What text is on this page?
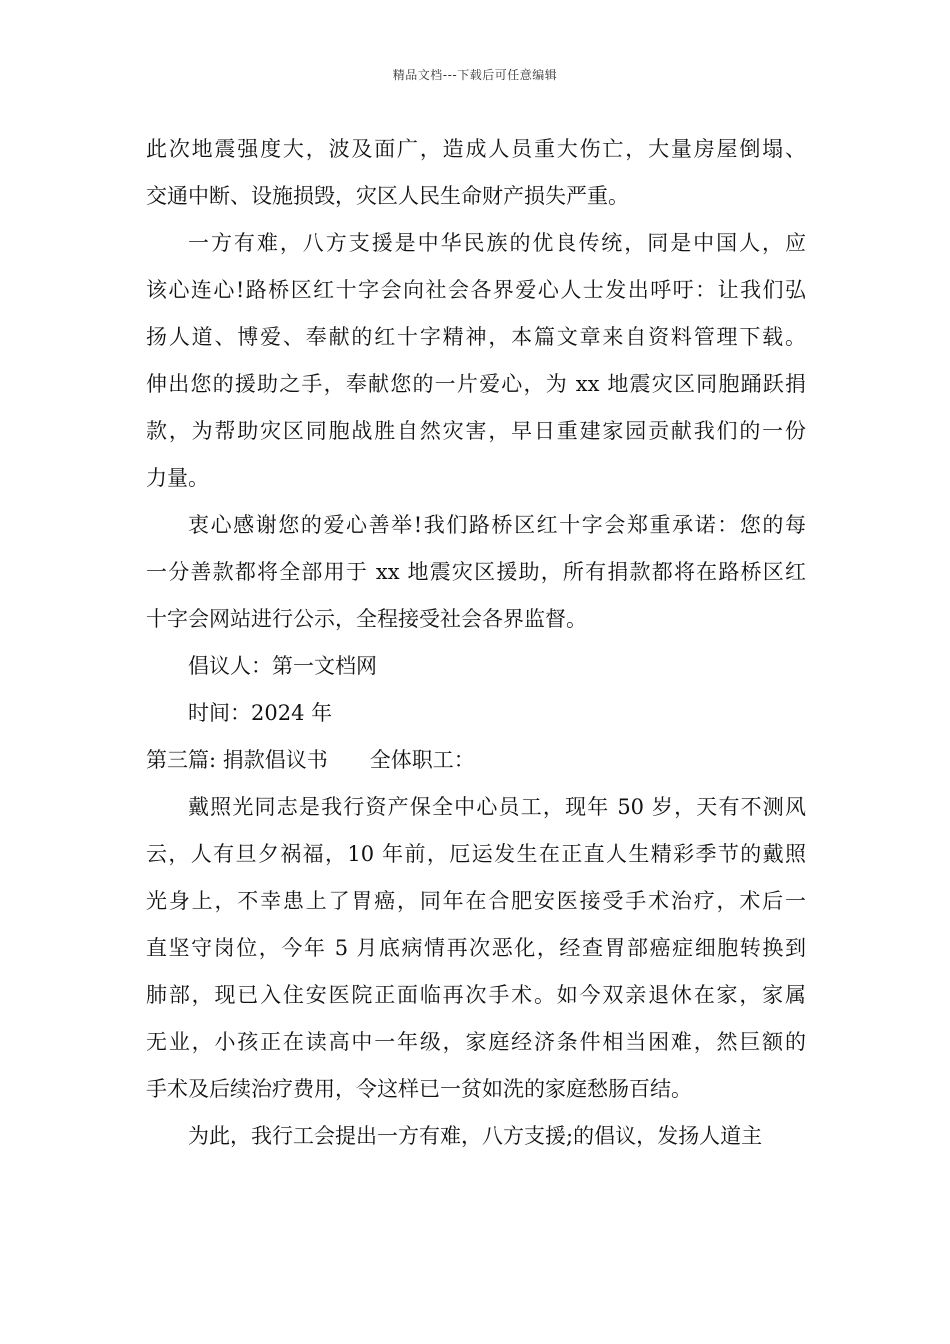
精品文档---下载后可任意编辑
此次地震强度大，波及面广，造成人员重大伤亡，大量房屋倒塌、
交通中断、设施损毁，灾区人民生命财产损失严重。
一方有难，八方支援是中华民族的优良传统，同是中国人，应
该心连心!路桥区红十字会向社会各界爱心人士发出呼吁：让我们弘
扬人道、博爱、奉献的红十字精神，本篇文章来自资料管理下载。
伸出您的援助之手，奉献您的一片爱心，为 xx 地震灾区同胞踊跃捐
款，为帮助灾区同胞战胜自然灾害，早日重建家园贡献我们的一份
力量。
衷心感谢您的爱心善举!我们路桥区红十字会郑重承诺：您的每
一分善款都将全部用于 xx 地震灾区援助，所有捐款都将在路桥区红
十字会网站进行公示，全程接受社会各界监督。
倡议人：第一文档网
时间：2024 年
第三篇: 捐款倡议书　　全体职工：
戴照光同志是我行资产保全中心员工，现年 50 岁，天有不测风
云，人有旦夕祸福，10 年前，厄运发生在正直人生精彩季节的戴照
光身上，不幸患上了胃癌，同年在合肥安医接受手术治疗，术后一
直坚守岗位，今年 5 月底病情再次恶化，经查胃部癌症细胞转换到
肺部，现已入住安医院正面临再次手术。如今双亲退休在家，家属
无业，小孩正在读高中一年级，家庭经济条件相当困难，然巨额的
手术及后续治疗费用，令这样已一贫如洗的家庭愁肠百结。
为此，我行工会提出一方有难，八方支援;的倡议，发扬人道主
